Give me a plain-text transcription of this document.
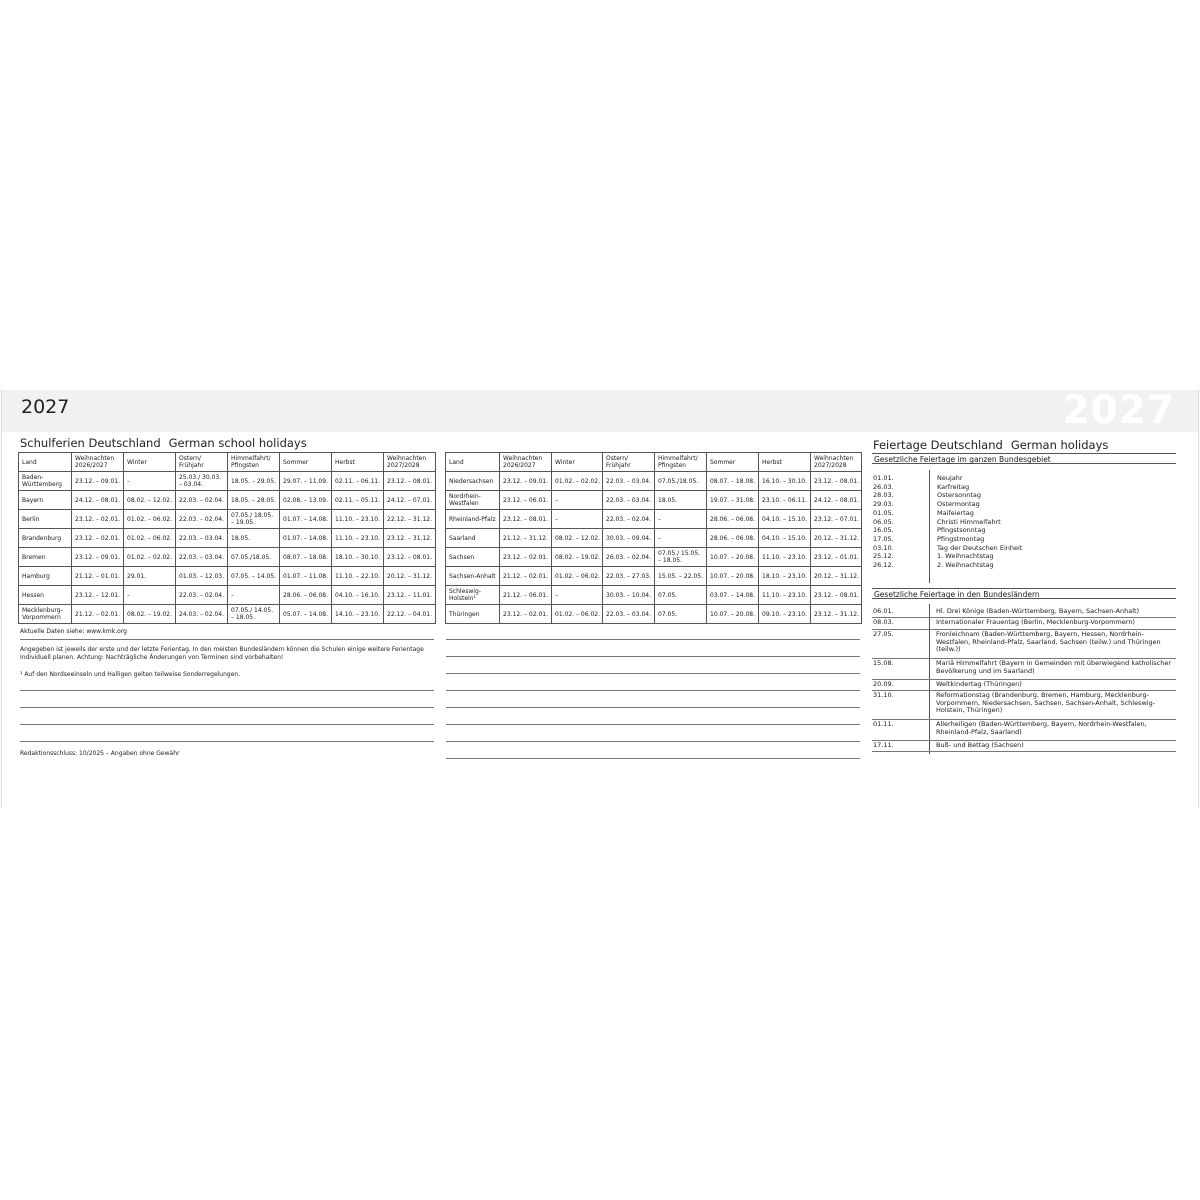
2027	2027
Schulferien Deutschland German school holidays
Land	Weihnachten 2026/2027	Winter	Ostern/ Frühjahr	Himmelfahrt/ Pfingsten	Sommer	Herbst	Weihnachten 2027/2028
Baden-Württemberg	23.12. – 09.01.	–	25.03./ 30.03. – 03.04.	18.05. – 29.05.	29.07. – 11.09.	02.11. – 06.11.	23.12. – 08.01.
Bayern	24.12. – 08.01.	08.02. – 12.02.	22.03. – 02.04.	18.05. – 28.05.	02.08. – 13.09.	02.11. – 05.11.	24.12. – 07.01.
Berlin	23.12. – 02.01.	01.02. – 06.02.	22.03. – 02.04.	07.05./ 18.05. – 19.05.	01.07. – 14.08.	11.10. – 23.10.	22.12. – 31.12.
Brandenburg	23.12. – 02.01.	01.02. – 06.02.	22.03. – 03.04.	18.05.	01.07. – 14.08.	11.10. – 23.10.	23.12. – 31.12.
Bremen	23.12. – 09.01.	01.02. – 02.02.	22.03. – 03.04.	07.05./18.05.	08.07. – 18.08.	18.10. – 30.10.	23.12. – 08.01.
Hamburg	21.12. – 01.01.	29.01.	01.03. – 12.03.	07.05. – 14.05.	01.07. – 11.08.	11.10. – 22.10.	20.12. – 31.12.
Hessen	23.12. – 12.01.	–	22.03. – 02.04.	–	28.06. – 06.08.	04.10. – 16.10.	23.12. – 11.01.
Mecklenburg-Vorpommern	21.12. – 02.01.	08.02. – 19.02.	24.03. – 02.04.	07.05./ 14.05. – 18.05.	05.07. – 14.08.	14.10. – 23.10.	22.12. – 04.01.
Land	Weihnachten 2026/2027	Winter	Ostern/ Frühjahr	Himmelfahrt/ Pfingsten	Sommer	Herbst	Weihnachten 2027/2028
Niedersachsen	23.12. – 09.01.	01.02. – 02.02.	22.03. – 03.04.	07.05./18.05.	08.07. – 18.08.	16.10. – 30.10.	23.12. – 08.01.
Nordrhein-Westfalen	23.12. – 06.01.	–	22.03. – 03.04.	18.05.	19.07. – 31.08.	23.10. – 06.11.	24.12. – 08.01.
Rheinland-Pfalz	23.12. – 08.01.	–	22.03. – 02.04.	–	28.06. – 06.08.	04.10. – 15.10.	23.12. – 07.01.
Saarland	21.12. – 31.12.	08.02. – 12.02.	30.03. – 09.04.	–	28.06. – 06.08.	04.10. – 15.10.	20.12. – 31.12.
Sachsen	23.12. – 02.01.	08.02. – 19.02.	26.03. – 02.04.	07.05./ 15.05. – 18.05.	10.07. – 20.08.	11.10. – 23.10.	23.12. – 01.01.
Sachsen-Anhalt	21.12. – 02.01.	01.02. – 06.02.	22.03. – 27.03.	15.05. – 22.05.	10.07. – 20.08.	18.10. – 23.10.	20.12. – 31.12.
Schleswig-Holstein¹	21.12. – 06.01.	–	30.03. – 10.04.	07.05.	03.07. – 14.08.	11.10. – 23.10.	23.12. – 08.01.
Thüringen	23.12. – 02.01.	01.02. – 06.02.	22.03. – 03.04.	07.05.	10.07. – 20.08.	09.10. – 23.10.	23.12. – 31.12.
Aktuelle Daten siehe: www.kmk.org
Angegeben ist jeweils der erste und der letzte Ferientag. In den meisten Bundesländern können die Schulen einige weitere Ferientage individuell planen. Achtung: Nachträgliche Änderungen von Terminen sind vorbehalten!
¹ Auf den Nordseeinseln und Halligen gelten teilweise Sonderregelungen.
Redaktionsschluss: 10/2025 – Angaben ohne Gewähr
Feiertage Deutschland German holidays
Gesetzliche Feiertage im ganzen Bundesgebiet
01.01.	Neujahr
26.03.	Karfreitag
28.03.	Ostersonntag
29.03.	Ostermontag
01.05.	Maifeiertag
06.05.	Christi Himmelfahrt
16.05.	Pfingstsonntag
17.05.	Pfingstmontag
03.10.	Tag der Deutschen Einheit
25.12.	1. Weihnachtstag
26.12.	2. Weihnachtstag
Gesetzliche Feiertage in den Bundesländern
06.01.	Hl. Drei Könige (Baden-Württemberg, Bayern, Sachsen-Anhalt)
08.03.	Internationaler Frauentag (Berlin, Mecklenburg-Vorpommern)
27.05.	Fronleichnam (Baden-Württemberg, Bayern, Hessen, Nordrhein-Westfalen, Rheinland-Pfalz, Saarland, Sachsen (teilw.) und Thüringen (teilw.))
15.08.	Mariä Himmelfahrt (Bayern in Gemeinden mit überwiegend katholischer Bevölkerung und im Saarland)
20.09.	Weltkindertag (Thüringen)
31.10.	Reformationstag (Brandenburg, Bremen, Hamburg, Mecklenburg-Vorpommern, Niedersachsen, Sachsen, Sachsen-Anhalt, Schleswig-Holstein, Thüringen)
01.11.	Allerheiligen (Baden-Württemberg, Bayern, Nordrhein-Westfalen, Rheinland-Pfalz, Saarland)
17.11.	Buß- und Bettag (Sachsen)
